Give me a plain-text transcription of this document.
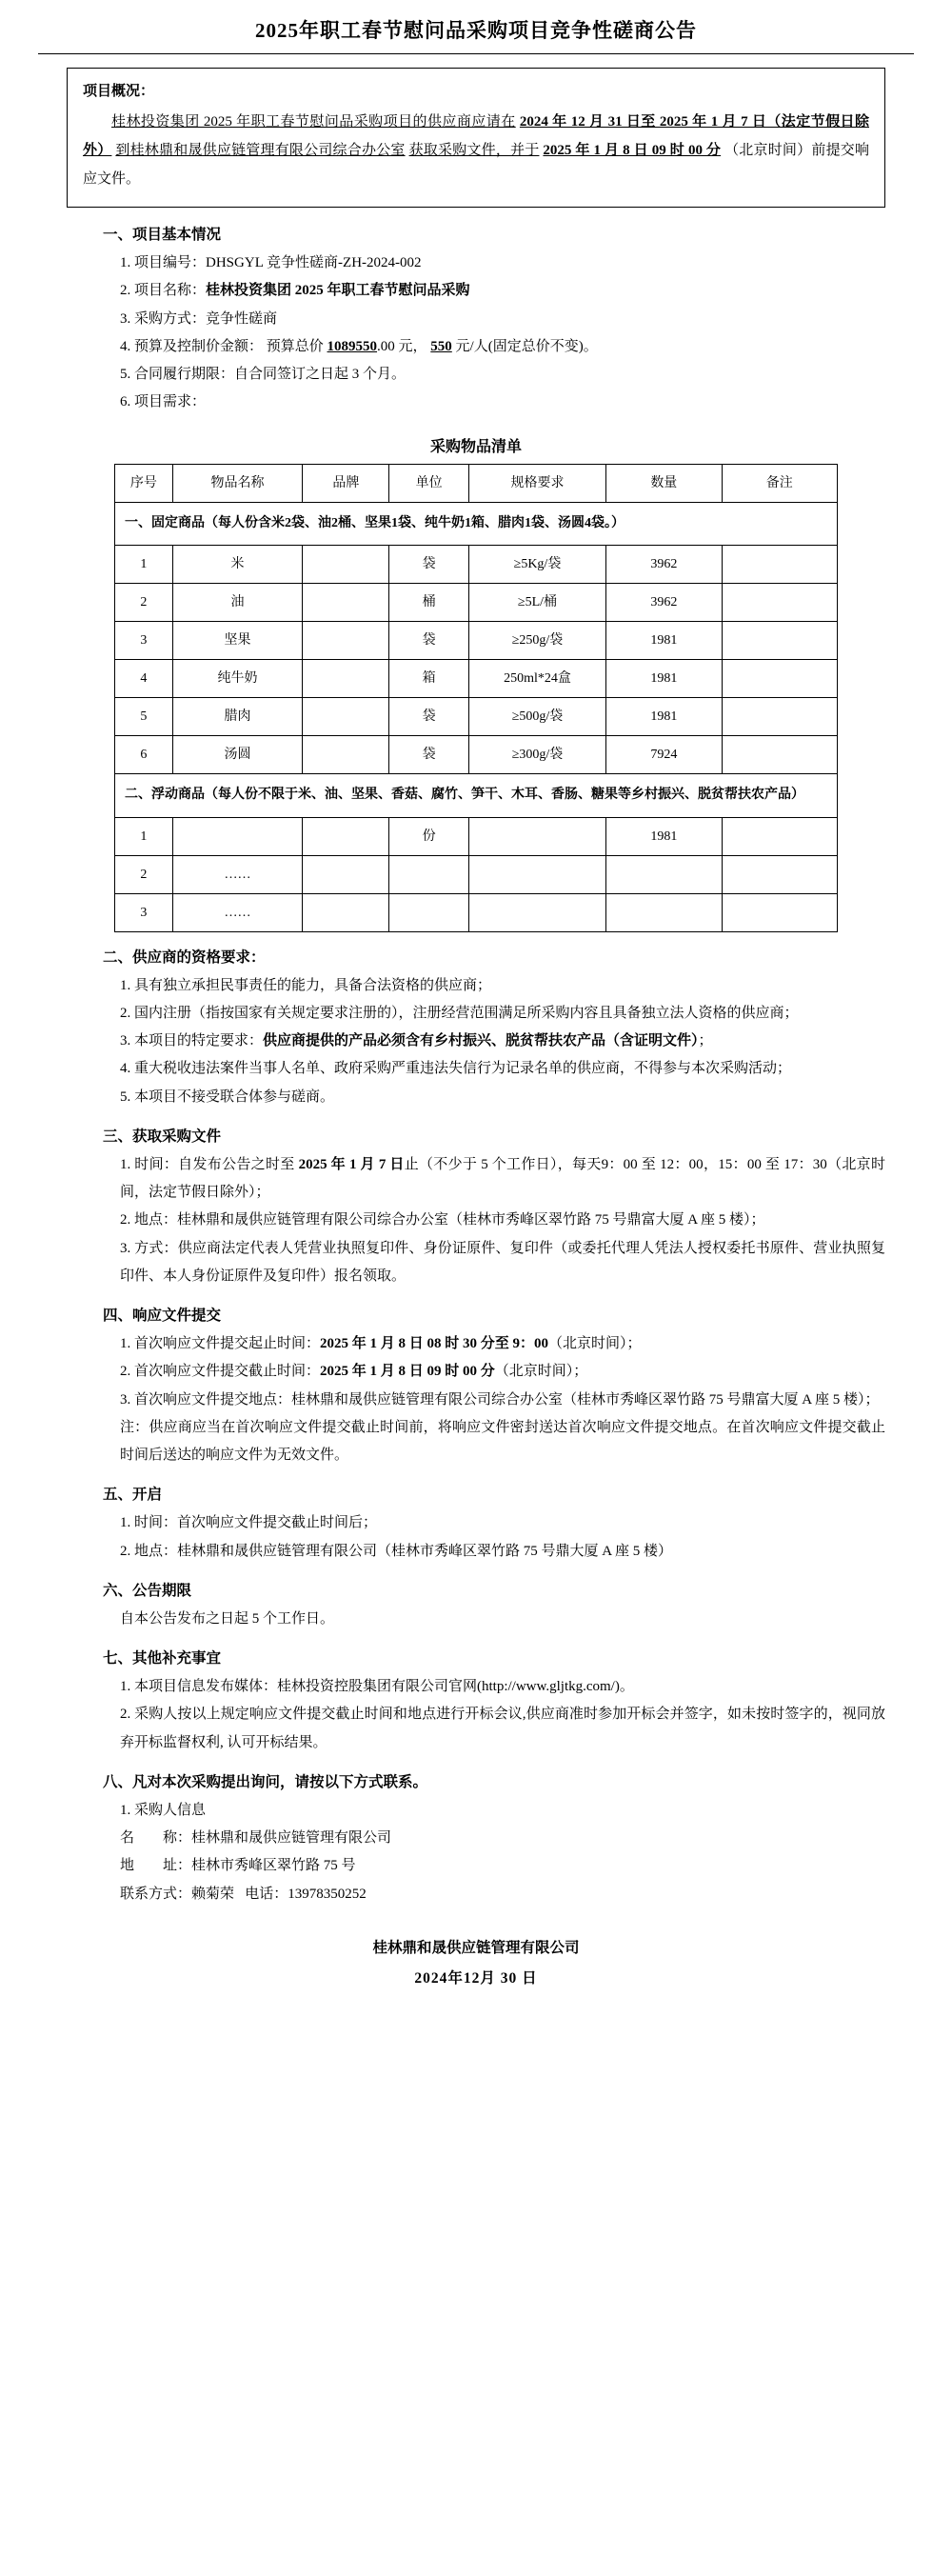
2025年职工春节慰问品采购项目竞争性磋商公告
项目概况：
桂林投资集团 2025 年职工春节慰问品采购项目的供应商应请在 2024 年 12 月 31 日至 2025 年 1 月 7 日（法定节假日除外） 到桂林鼎和晟供应链管理有限公司综合办公室 获取采购文件，并于 2025 年 1 月 8 日 09 时 00 分 （北京时间）前提交响应文件。
一、项目基本情况
1. 项目编号：DHSGYL 竞争性磋商-ZH-2024-002
2. 项目名称：桂林投资集团 2025 年职工春节慰问品采购
3. 采购方式：竞争性磋商
4. 预算及控制价金额： 预算总价 1089550.00 元， 550 元/人(固定总价不变)。
5. 合同履行期限：自合同签订之日起 3 个月。
6. 项目需求：
采购物品清单
序号	物品名称	品牌	单位	规格要求	数量	备注
一、固定商品（每人份含米2袋、油2桶、坚果1袋、纯牛奶1箱、腊肉1袋、汤圆4袋。）						
1	米		袋	≥5Kg/袋	3962	
2	油		桶	≥5L/桶	3962	
3	坚果		袋	≥250g/袋	1981	
4	纯牛奶		箱	250ml*24盒	1981	
5	腊肉		袋	≥500g/袋	1981	
6	汤圆		袋	≥300g/袋	7924	
二、浮动商品（每人份不限于米、油、坚果、香菇、腐竹、笋干、木耳、香肠、糖果等乡村振兴、脱贫帮扶农产品）						
1			份		1981	
2	……					
3	……					
二、供应商的资格要求：
1. 具有独立承担民事责任的能力，具备合法资格的供应商；
2. 国内注册（指按国家有关规定要求注册的），注册经营范围满足所采购内容且具备独立法人资格的供应商；
3. 本项目的特定要求：供应商提供的产品必须含有乡村振兴、脱贫帮扶农产品（含证明文件）；
4. 重大税收违法案件当事人名单、政府采购严重违法失信行为记录名单的供应商，不得参与本次采购活动；
5. 本项目不接受联合体参与磋商。
三、获取采购文件
1. 时间：自发布公告之时至 2025 年 1 月 7 日止（不少于 5 个工作日），每天9：00 至 12：00，15：00 至 17：30（北京时间，法定节假日除外）；
2. 地点：桂林鼎和晟供应链管理有限公司综合办公室（桂林市秀峰区翠竹路 75 号鼎富大厦 A 座 5 楼）；
3. 方式：供应商法定代表人凭营业执照复印件、身份证原件、复印件（或委托代理人凭法人授权委托书原件、营业执照复印件、本人身份证原件及复印件）报名领取。
四、响应文件提交
1. 首次响应文件提交起止时间：2025 年 1 月 8 日 08 时 30 分至 9：00（北京时间）；
2. 首次响应文件提交截止时间：2025 年 1 月 8 日 09 时 00 分（北京时间）；
3. 首次响应文件提交地点：桂林鼎和晟供应链管理有限公司综合办公室（桂林市秀峰区翠竹路 75 号鼎富大厦 A 座 5 楼）；
注：供应商应当在首次响应文件提交截止时间前，将响应文件密封送达首次响应文件提交地点。在首次响应文件提交截止时间后送达的响应文件为无效文件。
五、开启
1. 时间：首次响应文件提交截止时间后；
2. 地点：桂林鼎和晟供应链管理有限公司（桂林市秀峰区翠竹路 75 号鼎大厦 A 座 5 楼）
六、公告期限
自本公告发布之日起 5 个工作日。
七、其他补充事宜
1. 本项目信息发布媒体：桂林投资控股集团有限公司官网(http://www.gljtkg.com/)。
2. 采购人按以上规定响应文件提交截止时间和地点进行开标会议,供应商准时参加开标会并签字，如未按时签字的，视同放弃开标监督权利, 认可开标结果。
八、凡对本次采购提出询问，请按以下方式联系。
1. 采购人信息
名　　称：桂林鼎和晟供应链管理有限公司
地　　址：桂林市秀峰区翠竹路 75 号
联系方式：赖菊荣 电话：13978350252
桂林鼎和晟供应链管理有限公司
2024年12月 30 日
